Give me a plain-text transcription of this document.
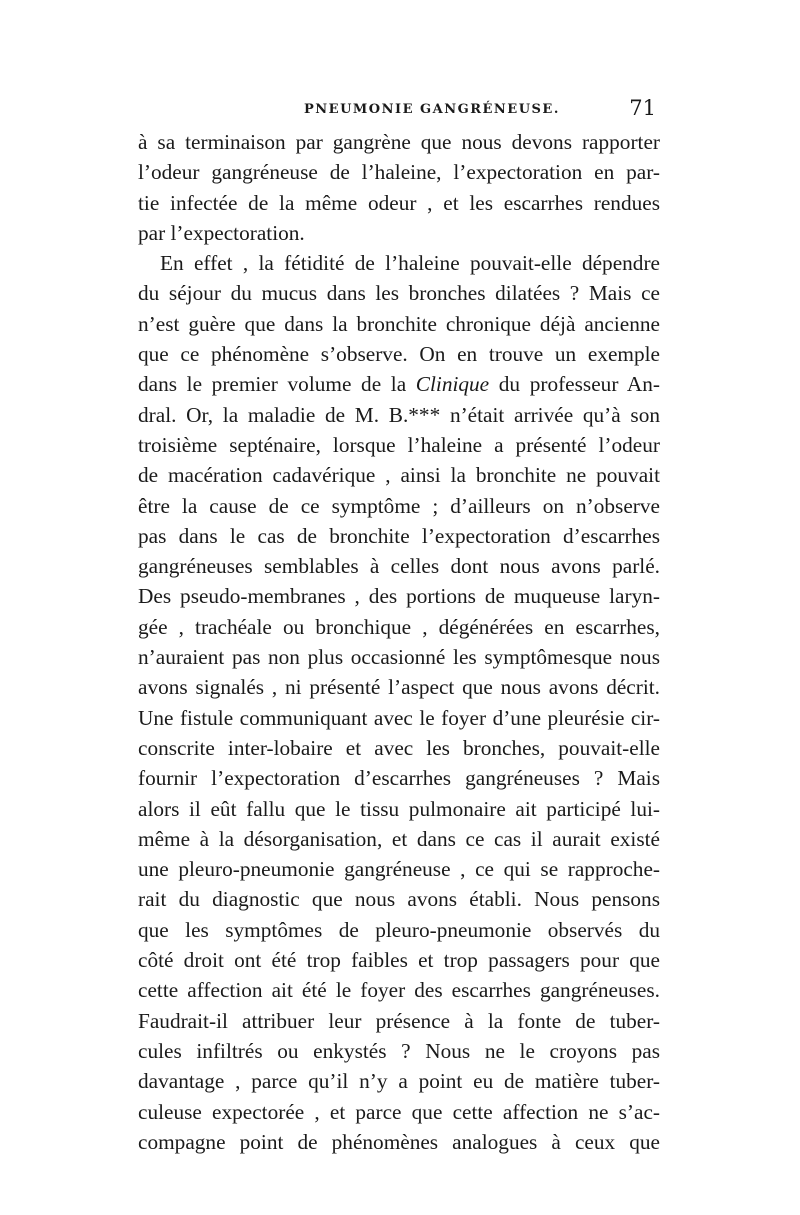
PNEUMONIE GANGRÉNEUSE.	71
à sa terminaison par gangrène que nous devons rapporter
l’odeur gangréneuse de l’haleine, l’expectoration en par-
tie infectée de la même odeur , et les escarrhes rendues
par l’expectoration.
En effet , la fétidité de l’haleine pouvait-elle dépendre
du séjour du mucus dans les bronches dilatées ? Mais ce
n’est guère que dans la bronchite chronique déjà ancienne
que ce phénomène s’observe. On en trouve un exemple
dans le premier volume de la Clinique du professeur An-
dral. Or, la maladie de M. B.*** n’était arrivée qu’à son
troisième septénaire, lorsque l’haleine a présenté l’odeur
de macération cadavérique , ainsi la bronchite ne pouvait
être la cause de ce symptôme ; d’ailleurs on n’observe
pas dans le cas de bronchite l’expectoration d’escarrhes
gangréneuses semblables à celles dont nous avons parlé.
Des pseudo-membranes , des portions de muqueuse laryn-
gée , trachéale ou bronchique , dégénérées en escarrhes,
n’auraient pas non plus occasionné les symptômesque nous
avons signalés , ni présenté l’aspect que nous avons décrit.
Une fistule communiquant avec le foyer d’une pleurésie cir-
conscrite inter-lobaire et avec les bronches, pouvait-elle
fournir l’expectoration d’escarrhes gangréneuses ? Mais
alors il eût fallu que le tissu pulmonaire ait participé lui-
même à la désorganisation, et dans ce cas il aurait existé
une pleuro-pneumonie gangréneuse , ce qui se rapproche-
rait du diagnostic que nous avons établi. Nous pensons
que les symptômes de pleuro-pneumonie observés du
côté droit ont été trop faibles et trop passagers pour que
cette affection ait été le foyer des escarrhes gangréneuses.
Faudrait-il attribuer leur présence à la fonte de tuber-
cules infiltrés ou enkystés ? Nous ne le croyons pas
davantage , parce qu’il n’y a point eu de matière tuber-
culeuse expectorée , et parce que cette affection ne s’ac-
compagne point de phénomènes analogues à ceux que
